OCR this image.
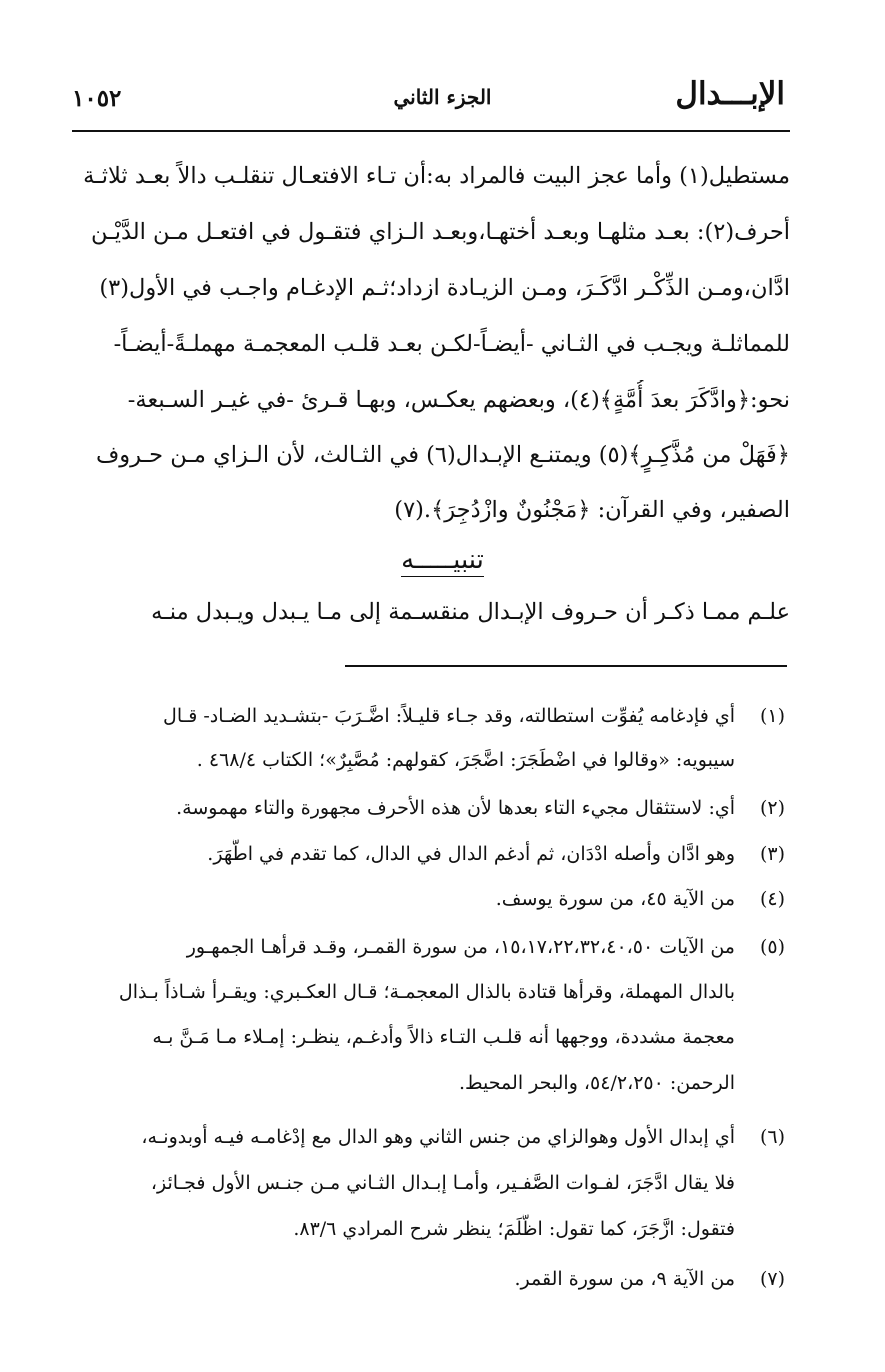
الإبـــدال
الجزء الثاني
١٠٥٢
مستطيل(١) وأما عجز البيت فالمراد به:أن تـاء الافتعـال تنقلـب دالاً بعـد ثلاثـة
أحرف(٢): بعـد مثلهـا وبعـد أختهـا،وبعـد الـزاي فتقـول في افتعـل مـن الدَّيْـن
ادَّان،ومـن الذِّكْـر ادَّكَـرَ، ومـن الزيـادة ازداد؛ثـم الإدغـام واجـب في الأول(٣)
للمماثلـة ويجـب في الثـاني -أيضـاً-لكـن بعـد قلـب المعجمـة مهملـةً-أيضـاً-
نحو:﴿وادَّكَرَ بعدَ أُمَّةٍ﴾(٤)، وبعضهم يعكـس، وبهـا قـرئ -في غيـر السـبعة-
﴿فَهَلْ من مُذَّكِـرٍ﴾(٥) ويمتنـع الإبـدال(٦) في الثـالث، لأن الـزاي مـن حـروف
الصفير، وفي القرآن: ﴿مَجْنُونٌ وازْدُجِرَ﴾.(٧)
تنبيـــــه
علـم ممـا ذكـر أن حـروف الإبـدال منقسـمة إلى مـا يـبدل ويـبدل منـه
(١)
أي فإدغامه يُفوِّت استطالته، وقد جـاء قليـلاً: اضَّـرَبَ -بتشـديد الضـاد- قـال
سيبويه: «وقالوا في اضْطَجَرَ: اضَّجَرَ، كقولهم: مُصَّبِرٌ»؛ الكتاب ٤٦٨/٤ .
(٢)
أي: لاستثقال مجيء التاء بعدها لأن هذه الأحرف مجهورة والتاء مهموسة.
(٣)
وهو ادَّان وأصله ادْدَان، ثم أدغم الدال في الدال، كما تقدم في اطَّهَرَ.
(٤)
من الآية ٤٥، من سورة يوسف.
(٥)
من الآيات ١٥،١٧،٢٢،٣٢،٤٠،٥٠، من سورة القمـر، وقـد قرأهـا الجمهـور
بالدال المهملة، وقرأها قتادة بالذال المعجمـة؛ قـال العكـبري: ويقـرأ شـاذاً بـذال
معجمة مشددة، ووجهها أنه قلـب التـاء ذالاً وأدغـم، ينظـر: إمـلاء مـا مَـنَّ بـه
الرحمن: ٥٤/٢،٢٥٠، والبحر المحيط.
(٦)
أي إبدال الأول وهوالزاي من جنس الثاني وهو الدال مع إدْغامـه فيـه أوبدونـه،
فلا يقال ادَّجَرَ، لفـوات الصَّفـير، وأمـا إبـدال الثـاني مـن جنـس الأول فجـائز،
فتقول: ازَّجَرَ، كما تقول: اظَّلَمَ؛ ينظر شرح المرادي ٨٣/٦.
(٧)
من الآية ٩، من سورة القمر.
